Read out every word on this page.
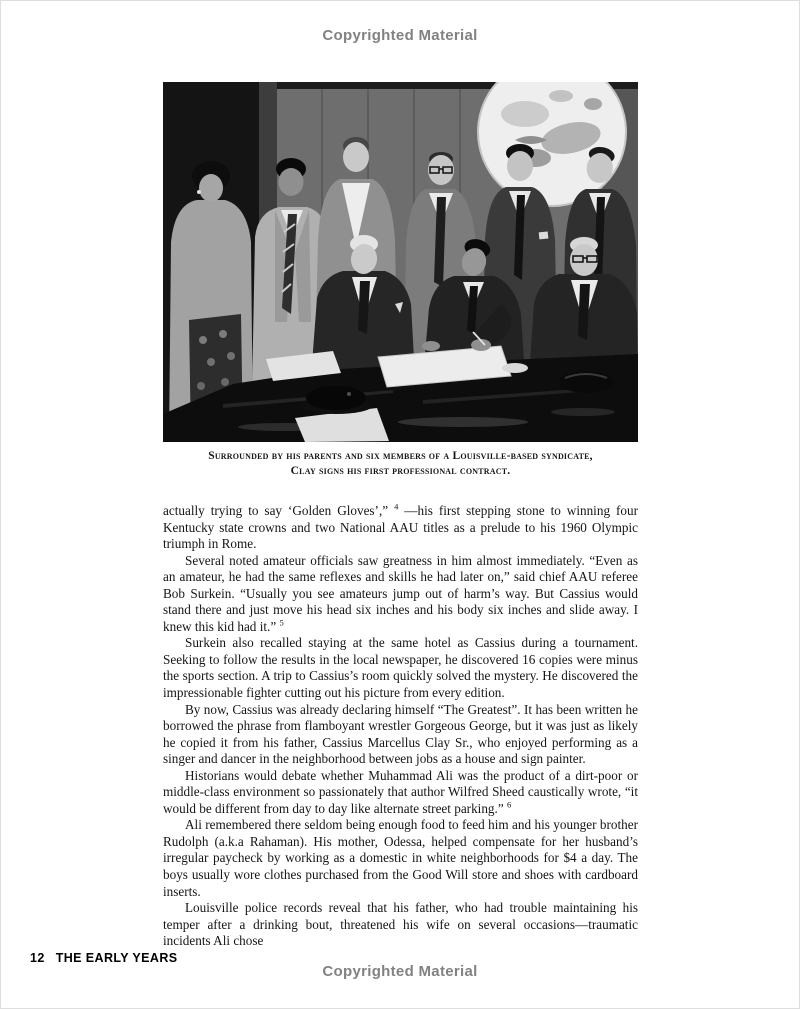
Copyrighted Material
Surrounded by his parents and six members of a Louisville-based syndicate,
Clay signs his first professional contract.

actually trying to say ‘Golden Gloves’,” $^4$ —his first stepping stone to winning four Kentucky state crowns and two National AAU titles as a prelude to his 1960 Olympic triumph in Rome.

Several noted amateur officials saw greatness in him almost immediately. “Even as an amateur, he had the same reflexes and skills he had later on,” said chief AAU referee Bob Surkein. “Usually you see amateurs jump out of harm’s way. But Cassius would stand there and just move his head six inches and his body six inches and slide away. I knew this kid had it.” $^5$

Surkein also recalled staying at the same hotel as Cassius during a tournament. Seeking to follow the results in the local newspaper, he discovered 16 copies were minus the sports section. A trip to Cassius’s room quickly solved the mystery. He discovered the impressionable fighter cutting out his picture from every edition.

By now, Cassius was already declaring himself “The Greatest”. It has been written he borrowed the phrase from flamboyant wrestler Gorgeous George, but it was just as likely he copied it from his father, Cassius Marcellus Clay Sr., who enjoyed performing as a singer and dancer in the neighborhood between jobs as a house and sign painter.

Historians would debate whether Muhammad Ali was the product of a dirt-poor or middle-class environment so passionately that author Wilfred Sheed caustically wrote, “it would be different from day to day like alternate street parking.” $^6$

Ali remembered there seldom being enough food to feed him and his younger brother Rudolph (a.k.a Rahaman). His mother, Odessa, helped compensate for her husband’s irregular paycheck by working as a domestic in white neighborhoods for $4 a day. The boys usually wore clothes purchased from the Good Will store and shoes with cardboard inserts.

Louisville police records reveal that his father, who had trouble maintaining his temper after a drinking bout, threatened his wife on several occasions—traumatic incidents Ali chose

12 THE EARLY YEARS
Copyrighted Material
